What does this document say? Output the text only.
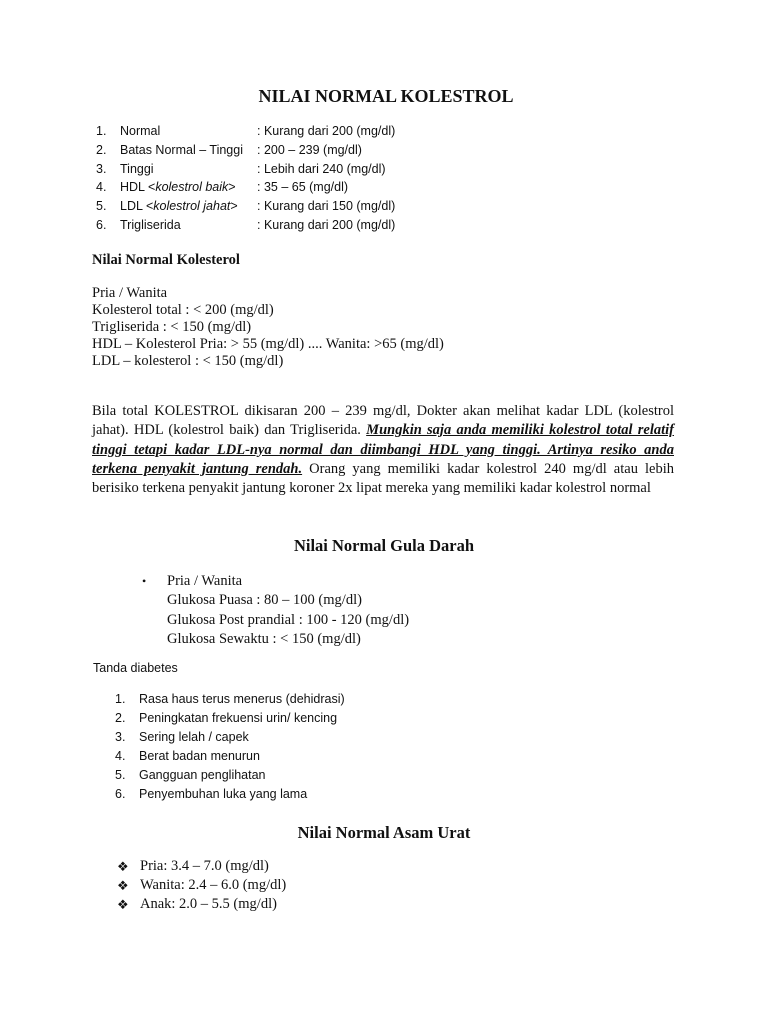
NILAI NORMAL KOLESTROL
1.	Normal	: Kurang dari 200 (mg/dl)
2.	Batas Normal – Tinggi : 200 – 239 (mg/dl)
3.	Tinggi	: Lebih dari 240 (mg/dl)
4.	HDL <kolestrol baik> : 35 – 65 (mg/dl)
5.	LDL <kolestrol jahat> : Kurang dari 150 (mg/dl)
6.	Trigliserida	: Kurang dari 200 (mg/dl)
Nilai Normal Kolesterol
Pria / Wanita
Kolesterol total : < 200 (mg/dl)
Trigliserida : < 150 (mg/dl)
HDL – Kolesterol Pria: > 55 (mg/dl) .... Wanita: >65 (mg/dl)
LDL – kolesterol : < 150 (mg/dl)
Bila total KOLESTROL dikisaran 200 – 239 mg/dl, Dokter akan melihat kadar LDL (kolestrol jahat). HDL (kolestrol baik) dan Trigliserida. Mungkin saja anda memiliki kolestrol total relatif tinggi tetapi kadar LDL-nya normal dan diimbangi HDL yang tinggi. Artinya resiko anda terkena penyakit jantung rendah. Orang yang memiliki kadar kolestrol 240 mg/dl atau lebih berisiko terkena penyakit jantung koroner 2x lipat mereka yang memiliki kadar kolestrol normal
Nilai Normal Gula Darah
• Pria / Wanita
Glukosa Puasa : 80 – 100 (mg/dl)
Glukosa Post prandial : 100 - 120 (mg/dl)
Glukosa Sewaktu : < 150 (mg/dl)
Tanda diabetes
1.	Rasa haus terus menerus (dehidrasi)
2.	Peningkatan frekuensi urin/ kencing
3.	Sering lelah / capek
4.	Berat badan menurun
5.	Gangguan penglihatan
6.	Penyembuhan luka yang lama
Nilai Normal Asam Urat
❖ Pria: 3.4 – 7.0 (mg/dl)
❖ Wanita: 2.4 – 6.0 (mg/dl)
❖ Anak: 2.0 – 5.5 (mg/dl)
